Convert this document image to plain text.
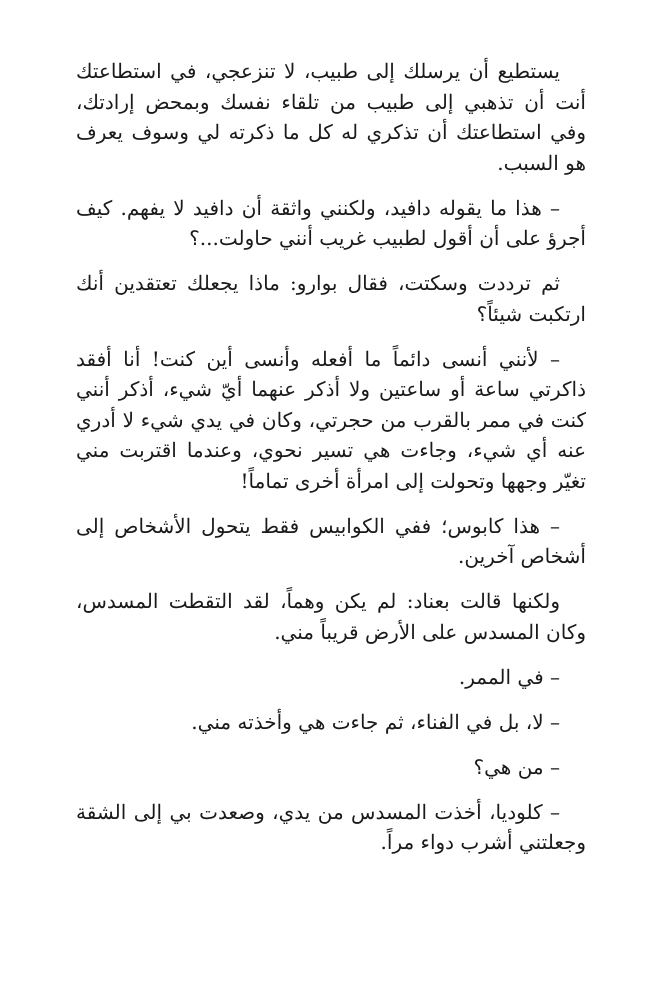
يستطيع أن يرسلك إلى طبيب، لا تنزعجي، في استطاعتك أنت أن تذهبي إلى طبيب من تلقاء نفسك وبمحض إرادتك، وفي استطاعتك أن تذكري له كل ما ذكرته لي وسوف يعرف هو السبب.

– هذا ما يقوله دافيد، ولكنني واثقة أن دافيد لا يفهم. كيف أجرؤ على أن أقول لطبيب غريب أنني حاولت...؟

ثم ترددت وسكتت، فقال بوارو: ماذا يجعلك تعتقدين أنك ارتكبت شيئاً؟

– لأنني أنسى دائماً ما أفعله وأنسى أين كنت! أنا أفقد ذاكرتي ساعة أو ساعتين ولا أذكر عنهما أيّ شيء، أذكر أنني كنت في ممر بالقرب من حجرتي، وكان في يدي شيء لا أدري عنه أي شيء، وجاءت هي تسير نحوي، وعندما اقتربت مني تغيّر وجهها وتحولت إلى امرأة أخرى تماماً!

– هذا كابوس؛ ففي الكوابيس فقط يتحول الأشخاص إلى أشخاص آخرين.

ولكنها قالت بعناد: لم يكن وهماً، لقد التقطت المسدس، وكان المسدس على الأرض قريباً مني.

– في الممر.

– لا، بل في الفناء، ثم جاءت هي وأخذته مني.

– من هي؟

– كلوديا، أخذت المسدس من يدي، وصعدت بي إلى الشقة وجعلتني أشرب دواء مراً.
